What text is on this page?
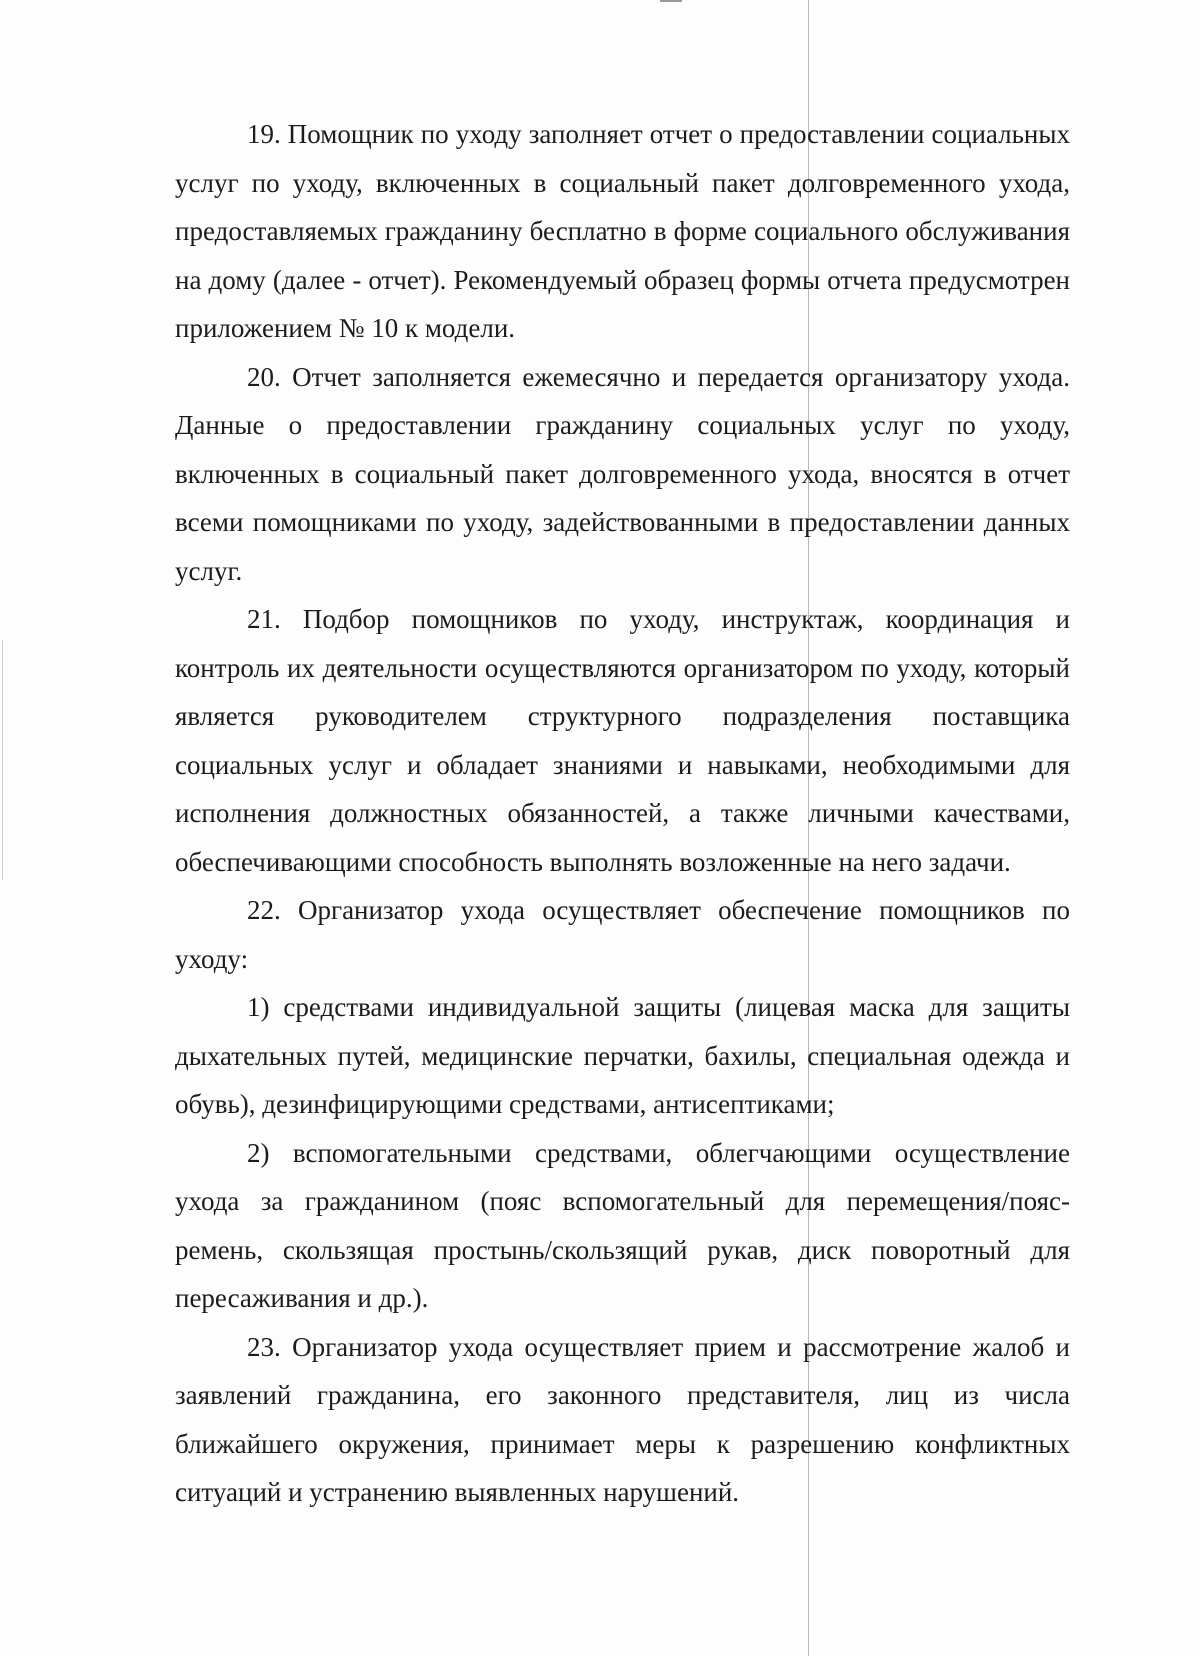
19. Помощник по уходу заполняет отчет о предоставлении социальных услуг по уходу, включенных в социальный пакет долговременного ухода, предоставляемых гражданину бесплатно в форме социального обслуживания на дому (далее - отчет). Рекомендуемый образец формы отчета предусмотрен приложением № 10 к модели.

20. Отчет заполняется ежемесячно и передается организатору ухода. Данные о предоставлении гражданину социальных услуг по уходу, включенных в социальный пакет долговременного ухода, вносятся в отчет всеми помощниками по уходу, задействованными в предоставлении данных услуг.

21. Подбор помощников по уходу, инструктаж, координация и контроль их деятельности осуществляются организатором по уходу, который является руководителем структурного подразделения поставщика социальных услуг и обладает знаниями и навыками, необходимыми для исполнения должностных обязанностей, а также личными качествами, обеспечивающими способность выполнять возложенные на него задачи.

22. Организатор ухода осуществляет обеспечение помощников по уходу:

1) средствами индивидуальной защиты (лицевая маска для защиты дыхательных путей, медицинские перчатки, бахилы, специальная одежда и обувь), дезинфицирующими средствами, антисептиками;

2) вспомогательными средствами, облегчающими осуществление ухода за гражданином (пояс вспомогательный для перемещения/пояс-ремень, скользящая простынь/скользящий рукав, диск поворотный для пересаживания и др.).

23. Организатор ухода осуществляет прием и рассмотрение жалоб и заявлений гражданина, его законного представителя, лиц из числа ближайшего окружения, принимает меры к разрешению конфликтных ситуаций и устранению выявленных нарушений.
